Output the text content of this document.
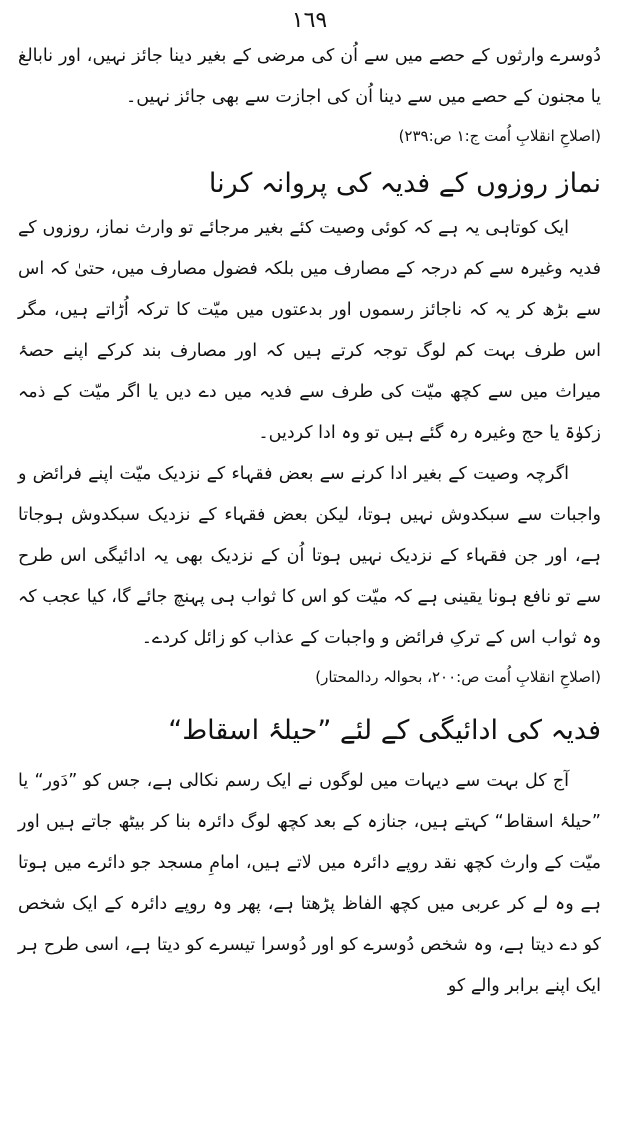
١٦٩

دُوسرے وارثوں کے حصے میں سے اُن کی مرضی کے بغیر دینا جائز نہیں، اور نابالغ یا مجنون کے حصے میں سے دینا اُن کی اجازت سے بھی جائز نہیں۔

(اصلاحِ انقلابِ اُمت ج:١ ص:٢٣٩)
نماز روزوں کے فدیہ کی پروانہ کرنا

ایک کوتاہی یہ ہے کہ کوئی وصیت کئے بغیر مرجائے تو وارث نماز، روزوں کے فدیہ وغیرہ سے کم درجہ کے مصارف میں بلکہ فضول مصارف میں، حتیٰ کہ اس سے بڑھ کر یہ کہ ناجائز رسموں اور بدعتوں میں میّت کا ترکہ اُڑاتے ہیں، مگر اس طرف بہت کم لوگ توجہ کرتے ہیں کہ اور مصارف بند کرکے اپنے حصۂ میراث میں سے کچھ میّت کی طرف سے فدیہ میں دے دیں یا اگر میّت کے ذمہ زکوٰۃ یا حج وغیرہ رہ گئے ہیں تو وہ ادا کردیں۔

اگرچہ وصیت کے بغیر ادا کرنے سے بعض فقہاء کے نزدیک میّت اپنے فرائض و واجبات سے سبکدوش نہیں ہوتا، لیکن بعض فقہاء کے نزدیک سبکدوش ہوجاتا ہے، اور جن فقہاء کے نزدیک نہیں ہوتا اُن کے نزدیک بھی یہ ادائیگی اس طرح سے تو نافع ہونا یقینی ہے کہ میّت کو اس کا ثواب ہی پہنچ جائے گا، کیا عجب کہ وہ ثواب اس کے ترکِ فرائض و واجبات کے عذاب کو زائل کردے۔

(اصلاحِ انقلابِ اُمت ص:٢٠٠، بحوالہ ردالمحتار)
فدیہ کی ادائیگی کے لئے ”حیلۂ اسقاط“

آج کل بہت سے دیہات میں لوگوں نے ایک رسم نکالی ہے، جس کو ”دَور“ یا ”حیلۂ اسقاط“ کہتے ہیں، جنازہ کے بعد کچھ لوگ دائرہ بنا کر بیٹھ جاتے ہیں اور میّت کے وارث کچھ نقد روپے دائرہ میں لاتے ہیں، امامِ مسجد جو دائرے میں ہوتا ہے وہ لے کر عربی میں کچھ الفاظ پڑھتا ہے، پھر وہ روپے دائرہ کے ایک شخص کو دے دیتا ہے، وہ شخص دُوسرے کو اور دُوسرا تیسرے کو دیتا ہے، اسی طرح ہر ایک اپنے برابر والے کو
